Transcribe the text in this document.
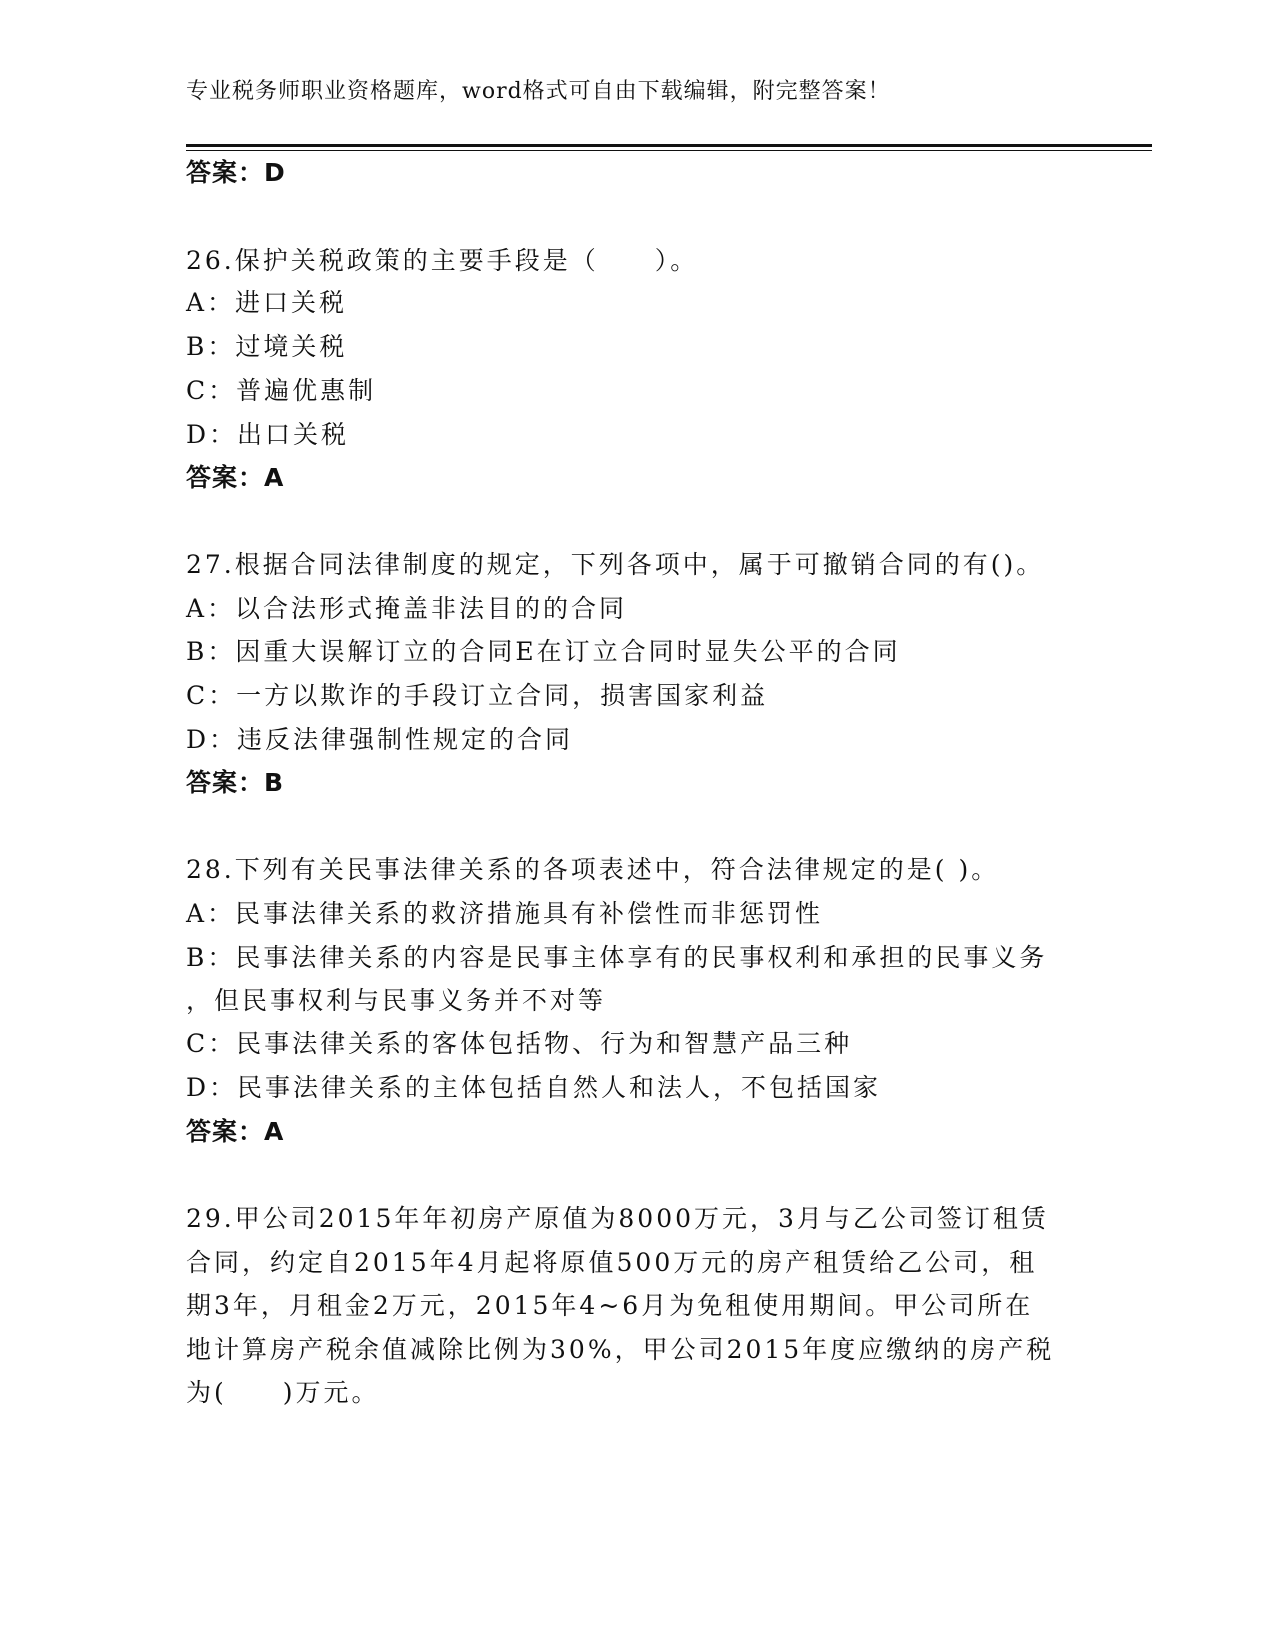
专业税务师职业资格题库，word格式可自由下载编辑，附完整答案！
答案：D
26.保护关税政策的主要手段是（　　）。
A：进口关税
B：过境关税
C：普遍优惠制
D：出口关税
答案：A
27.根据合同法律制度的规定，下列各项中，属于可撤销合同的有()。
A：以合法形式掩盖非法目的的合同
B：因重大误解订立的合同E在订立合同时显失公平的合同
C：一方以欺诈的手段订立合同，损害国家利益
D：违反法律强制性规定的合同
答案：B
28.下列有关民事法律关系的各项表述中，符合法律规定的是( )。
A：民事法律关系的救济措施具有补偿性而非惩罚性
B：民事法律关系的内容是民事主体享有的民事权利和承担的民事义务
，但民事权利与民事义务并不对等
C：民事法律关系的客体包括物、行为和智慧产品三种
D：民事法律关系的主体包括自然人和法人，不包括国家
答案：A
29.甲公司2015年年初房产原值为8000万元，3月与乙公司签订租赁
合同，约定自2015年4月起将原值500万元的房产租赁给乙公司，租
期3年，月租金2万元，2015年4~6月为免租使用期间。甲公司所在
地计算房产税余值减除比例为30%，甲公司2015年度应缴纳的房产税
为(　　)万元。
